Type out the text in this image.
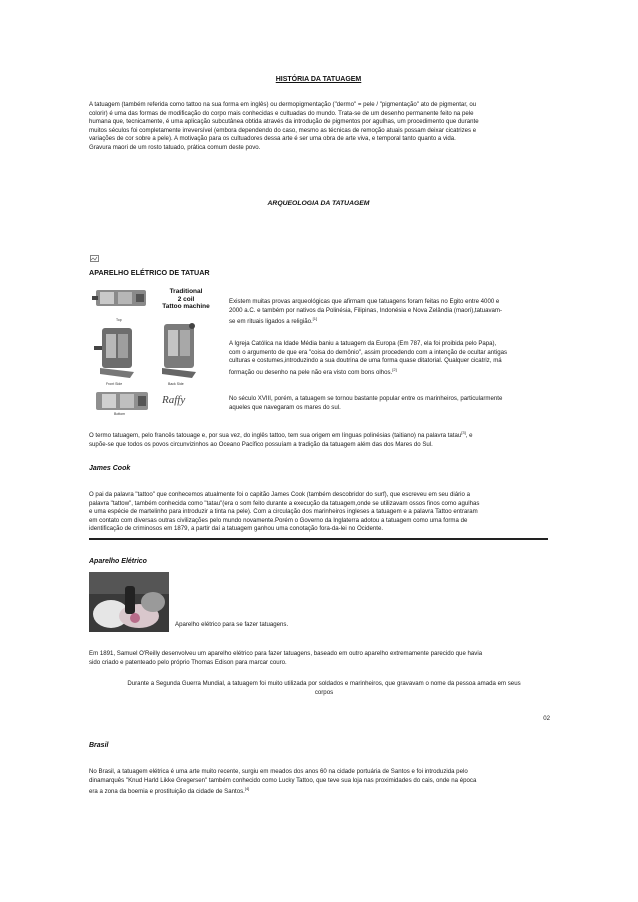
HISTÓRIA DA TATUAGEM
A tatuagem (também referida como tattoo na sua forma em inglês) ou dermopigmentação ("dermo" = pele / "pigmentação" ato de pigmentar, ou
colorir) é uma das formas de modificação do corpo mais conhecidas e cultuadas do mundo. Trata-se de um desenho permanente feito na pele
humana que, tecnicamente, é uma aplicação subcutânea obtida através da introdução de pigmentos por agulhas, um procedimento que durante
muitos séculos foi completamente irreversível (embora dependendo do caso, mesmo as técnicas de remoção atuais possam deixar cicatrizes e
variações de cor sobre a pele). A motivação para os cultuadores dessa arte é ser uma obra de arte viva, e temporal tanto quanto a vida.
Gravura maori de um rosto tatuado, prática comum deste povo.
ARQUEOLOGIA DA TATUAGEM
APARELHO ELÉTRICO DE TATUAR
Traditional
2 coil
Tattoo machine
Top
Front Side	Back Side
Bottom
Raffy
Existem muitas provas arqueológicas que afirmam que tatuagens foram feitas no Egito entre 4000 e
2000 a.C. e também por nativos da Polinésia, Filipinas, Indonésia e Nova Zelândia (maori),tatuavam-
se em rituais ligados a religião.[1]
A Igreja Católica na Idade Média baniu a tatuagem da Europa (Em 787, ela foi proibida pelo Papa),
com o argumento de que era "coisa do demônio", assim procedendo com a intenção de ocultar antigas
culturas e costumes,introduzindo a sua doutrina de uma forma quase ditatorial. Qualquer cicatriz, má
formação ou desenho na pele não era visto com bons olhos.[2]
No século XVIII, porém, a tatuagem se tornou bastante popular entre os marinheiros, particularmente
aqueles que navegaram os mares do sul.
O termo tatuagem, pelo francês tatouage e, por sua vez, do inglês tattoo, tem sua origem em línguas polinésias (taitiano) na palavra tatau[3], e
supõe-se que todos os povos circunvizinhos ao Oceano Pacífico possuíam a tradição da tatuagem além das dos Mares do Sul.
James Cook
O pai da palavra "tattoo" que conhecemos atualmente foi o capitão James Cook (também descobridor do surf), que escreveu em seu diário a
palavra "tattow", também conhecida como "tatau"(era o som feito durante a execução da tatuagem,onde se utilizavam ossos finos como agulhas
e uma espécie de martelinho para introduzir a tinta na pele). Com a circulação dos marinheiros ingleses a tatuagem e a palavra Tattoo entraram
em contato com diversas outras civilizações pelo mundo novamente.Porém o Governo da Inglaterra adotou a tatuagem como uma forma de
identificação de criminosos em 1879, a partir daí a tatuagem ganhou uma conotação fora-da-lei no Ocidente.
Aparelho Elétrico
Aparelho elétrico para se fazer tatuagens.
Em 1891, Samuel O'Reilly desenvolveu um aparelho elétrico para fazer tatuagens, baseado em outro aparelho extremamente parecido que havia
sido criado e patenteado pelo próprio Thomas Edison para marcar couro.
Durante a Segunda Guerra Mundial, a tatuagem foi muito utilizada por soldados e marinheiros, que gravavam o nome da pessoa amada em seus
corpos
02
Brasil
No Brasil, a tatuagem elétrica é uma arte muito recente, surgiu em meados dos anos 60 na cidade portuária de Santos e foi introduzida pelo
dinamarquês "Knud Harld Likke Gregersen" também conhecido como Lucky Tattoo, que teve sua loja nas proximidades do cais, onde na época
era a zona da boemia e prostituição da cidade de Santos.[4]
